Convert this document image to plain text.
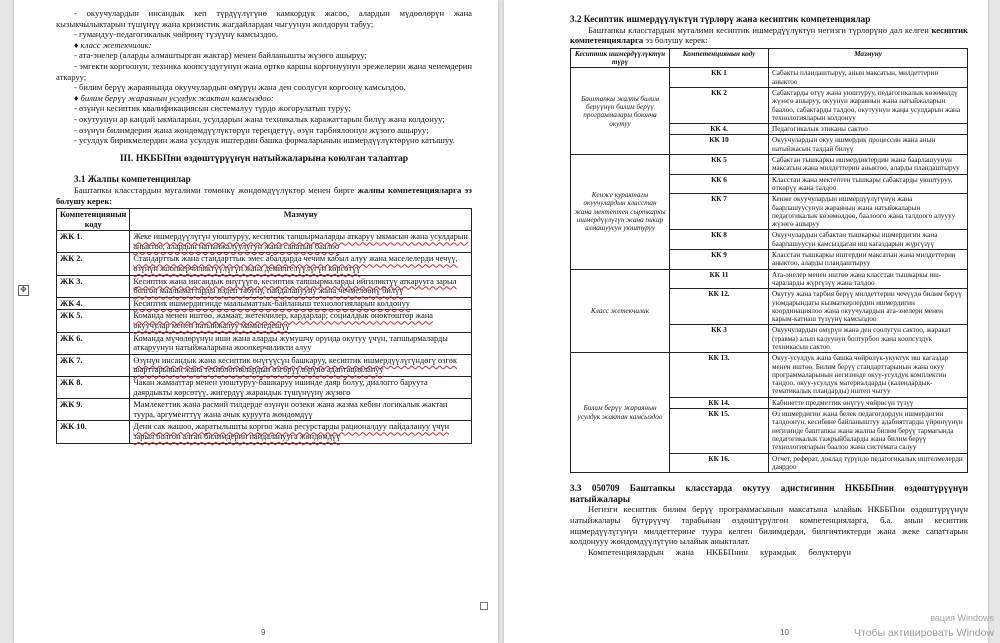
✥

- окуучулардын инсандык кеп түрдүүлүгүнө камкордук жасоо, алардын мүдөөлөрүн жана кызыкчылыктарын түшүнүү жана кризистик жагдайлардан чыгуунун жолдорун табуу;

- гумандуу-педагогикалык чөйрөнү түзүүнү камсыздоо.

♦ класс жетекчилик:

- ата-энелер (аларды алмаштырган жактар) менен байланышты жүзөгө ашыруу;

- эмгекти коргоонун, техника коопсуздугунун жана өрткө каршы коргонуунун эрежелерин жана ченемдерин аткаруу;

- билим берүү жараянында окуучулардын өмүрүн жана ден соолугун коргоону камсыздоо.

♦ билим берүү жараянын усулдук жактан камсыздоо:

- өзүнүн кесиптик квалификациясын системалуу түрдө жогорулатып туруу;

- окутуунун ар кандай ыкмаларын, усулдарын жана техникалык каражаттарын билүү жана колдонуу;

- өзүнүн билимдерин жана жөндөмдүүлүктөрүн тереңдетүү, өзүн тарбиялоонун жүзөгө ашыруу;

- усулдук бирикмелердин жана усулдук иштердин башка формаларынын ишмердүүлүктөрүнө катышуу.

III. НКББПни өздөштүрүүнүн натыйжаларына коюлган талаптар
3.1 Жалпы компетенциялар

Баштапкы класстардын мугалими төмөнкү жөндөмдүүлүктөр менен бирге жалпы компетенцияларга ээ болушу керек:

Компетенциянын коду	Мазмуну
ЖК 1.	Жеке ишмердүүлүгүн уюштуруу, кесиптик тапшырмаларды аткаруу ыкмасын жана усулдарын аныктоо, алардын натыйжалуулугун жана сапатын баалоо
ЖК 2.	Стандарттык жана стандарттык эмес абалдарда чечим кабыл алуу жана маселелерди чечүү, өзүнүн жоопкерчиликтүүлүгүн жана демилгелүүлүгүн көрсөтүү
ЖК 3.	Кесиптик жана инсандык өнүгүүгө, кесиптик тапшырмаларды ийгиликтүү аткарууга зарыл болгон маалыматтарды издеп табуну, пайдаланууну жана чечмелөөнү билүү
ЖК 4.	Кесиптик ишмердигинде маалыматтык-байланыш технологияларын колдонуу
ЖК 5.	Команда менен иштөө, жамаат, жетекчилер, кардарлар; социалдык өнөктөштөр жана окуучулар менен натыйжалуу мамиледешүү
ЖК 6.	Команда мүчөлөрүнүн иши жана аларды жумушчу орунда окутуу үчүн, тапшырмаларды аткаруунун натыйжаларына жоопкерчиликти алуу
ЖК 7.	Өзүнүн инсандык жана кесиптик өнүгүүсүн башкаруу, кесиптик ишмердүүлүгүндөгү өзгөк шарттарынын жана технологиялардын өзгөрүүлөрүнө адаптациялануу
ЖК 8.	Чакан жамааттар менен уюштуруу-башкаруу ишинде даяр болуу, диалогго баруута даярдыкты көрсөтүү, жигердүү жарандык түшүнүүнү жүзөгө
ЖК 9.	Мамлекеттик жана расмий тилдерде өзүнүн оозеки жана жазма кебин логикалык жактан туура, аргументтүү жана ачык куруута жөндөмдүү
ЖК 10.	Дени сак жашоо, жаратылышты коргоо жана ресурстарды рационалдуу пайдалануу үчүн зарыл болгон алган билимдерин пайдаланууга жөндөмдүү
9
3.2 Кесиптик ишмердүүлүктүн түрлөрү жана кесиптик компетенциялар

Баштапкы класстардын мугалими кесиптик ишмердүүлүктүн негизги түрлөрүнө дал келген кесиптик компетенцияларга ээ болушу керек:

Кесиптик ишмердүүлүктүн түрү	Компетенциянын коду	Мазмуну
Баштапкы жалпы билим берүүнүн билим берүү программалары боюнча окутуу	КК 1	Сабакты пландаштыруу, анын максатын, милдеттерин аныктоо
	КК 2	Сабактарды өтүү жана уюштуруу, педагогикалык көзөмөлдү жүзөгө ашыруу, окуунун жараянын жана натыйжаларын баалоо, сабактарды талдоо, окутуунун жаңы усулдарын жана технологияларын колдонуу
	КК 4.	Педагогикалык этиканы сактоо
	КК 10	Окуучулардын окуу ишмердик процессин жана анын натыйжасын талдай билүү
Кенже курактагы окуучулардын класстан жана мектептен сырткаркы ишмердүүлүгүн жана пикир алмашуусун уюштуруу	КК 5	Сабактан тышкаркы ишмердиктердин жана баарлашуунун максатын жана милдеттерин аныктоо, аларды пландаштыруу
	КК 6	Класстан жана мектептен тышкары сабактарды уюштуруу, өткөрүү жана талдоо
	КК 7	Кенже окуучулардын ишмердүүлүгүнүн жана баарлашуусунун жараянын жана натыйжаларын педагогикалык көзөмөлдөө, баалоого жана талдоого алуууу жүзөгө ашыруу
	КК 8	Окуучулардын сабактан тышкаркы ишмердигин жана баарлашуусун камсыздаган иш кагаздарын жүргүзүү
	КК 9	Класстан тышкаркы иштердин максатын жана милдеттерин аныктоо, аларды пландаштыруу
Класс жетекчилик	КК 11	Ата-энелер менен иштөө жана класстан тышкаркы иш-чараларды жүргүзүү жана талдоо
	КК 12.	Окутуу жана тарбия берүү милдеттерин чечүүдө билим берүү уюмдарындагы кызматкерлердин ишмердигин координациялоо жана окуучулардын ата-энелери менен карым-катнаш түзүүнү камсыздоо
	КК 3	Окуучулардын өмүрүн жана ден соолугун сактоо, жаракат (травма) алып калуунун болтурбоо жана коопсуздук техникасын сактоо
Билим берүү жараянын усулдук жактан камсыздоо	КК 13.	Окуу-усулдук жана башка чөйрөлүк-укуктук иш кагаздар менен иштөө. Билим берүү стандарттарынын жана окуу программаларынын негизинде окуу-усулдук комплектин тандоо, окуу-усулдук материалдарды (календардык-тематикалык пландарды) иштеп чыгуу
	КК 14.	Кабинетте предметтик өнүгүү чөйрөсүн түзүү
	КК 15.	Өз ишмердигин жана белек педагогдордун ишмердигин талдоонун, кесибине байланыштуу адабияттарды үйрөнүүнүн негизинде баштапкы жана жалпы билим берүү тармагында педагогикалык тажрыйбаларды жана билим берүү технологияларын баалоо жана системага салуу
	КК 16.	Отчет, реферат, доклад түрүндө педагогикалык иштелмелерди даярдоо
3.3 050709 Баштапкы класстарда окутуу адистигинин НКББПнин өздөштүрүүнүн натыйжалары

Негизги кесиптик билим берүү программасынын максатына ылайык НКББПни өздөштүрүүнүн натыйжалары бүтүрүүчү тарабынан өздөштүрүлгөн компетенцияларга, б.а. анын кесиптик ишмердүүлүгүнүн милдеттерине туура келген билимдерди, билгичтиктерди жана жеке сапаттарын колдонууу жөндөмдүүлүгүнө ылайык аныкталат.

Компетенциялардын жана НКББПнин курамдык бөлүктөрүн

10
вация Windows
Чтобы активировать Window
